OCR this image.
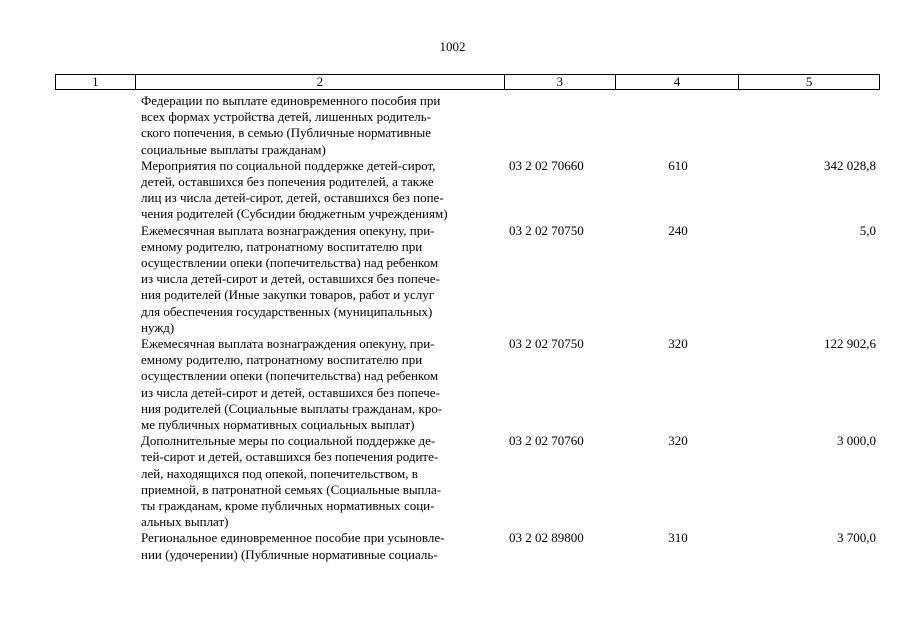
1002
1	2	3	4	5
Федерации по выплате единовременного пособия при
всех формах устройства детей, лишенных родитель-
ского попечения, в семью (Публичные нормативные
социальные выплаты гражданам)
Мероприятия по социальной поддержке детей-сирот,
детей, оставшихся без попечения родителей, а также
лиц из числа детей-сирот, детей, оставшихся без попе-
чения родителей (Субсидии бюджетным учреждениям)
03 2 02 70660	610	342 028,8
Ежемесячная выплата вознаграждения опекуну, при-
емному родителю, патронатному воспитателю при
осуществлении опеки (попечительства) над ребенком
из числа детей-сирот и детей, оставшихся без попече-
ния родителей (Иные закупки товаров, работ и услуг
для обеспечения государственных (муниципальных)
нужд)
03 2 02 70750	240	5,0
Ежемесячная выплата вознаграждения опекуну, при-
емному родителю, патронатному воспитателю при
осуществлении опеки (попечительства) над ребенком
из числа детей-сирот и детей, оставшихся без попече-
ния родителей (Социальные выплаты гражданам, кро-
ме публичных нормативных социальных выплат)
03 2 02 70750	320	122 902,6
Дополнительные меры по социальной поддержке де-
тей-сирот и детей, оставшихся без попечения родите-
лей, находящихся под опекой, попечительством, в
приемной, в патронатной семьях (Социальные выпла-
ты гражданам, кроме публичных нормативных соци-
альных выплат)
03 2 02 70760	320	3 000,0
Региональное единовременное пособие при усыновле-
нии (удочерении) (Публичные нормативные социаль-
03 2 02 89800	310	3 700,0
